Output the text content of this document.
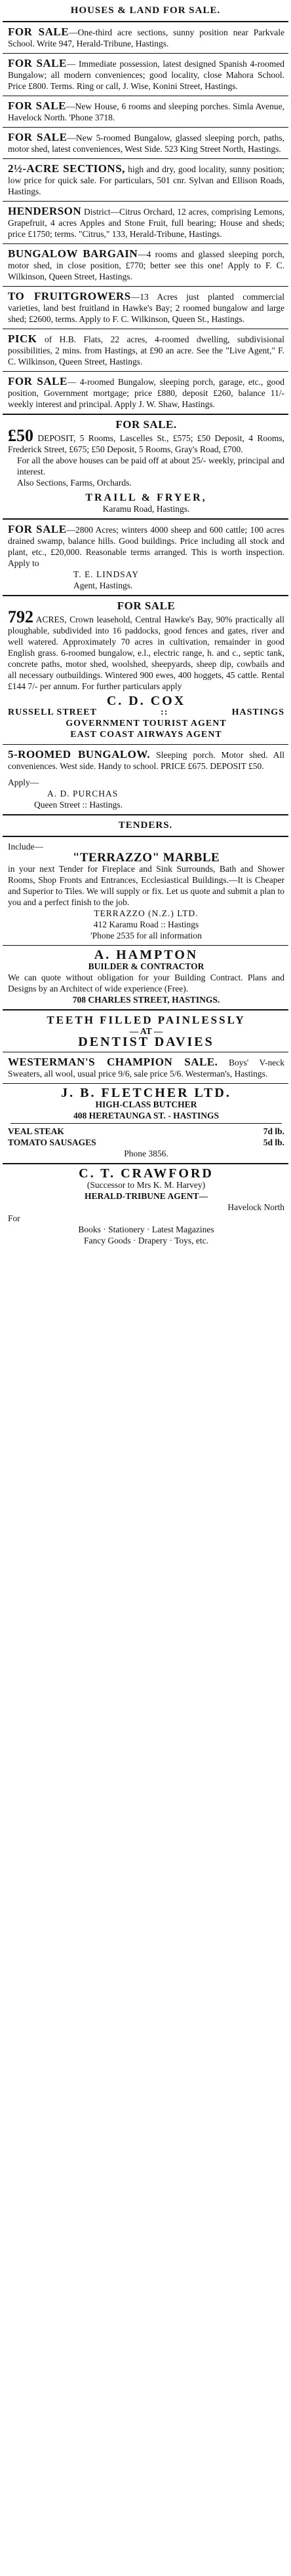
HOUSES & LAND FOR SALE.
FOR SALE—One-third acre sections, sunny position near Parkvale School. Write 947, Herald-Tribune, Hastings.
FOR SALE— Immediate possession, latest designed Spanish 4-roomed Bungalow; all modern conveniences; good locality, close Mahora School. Price £800. Terms. Ring or call, J. Wise, Konini Street, Hastings.
FOR SALE—New House, 6 rooms and sleeping porches. Simla Avenue, Havelock North. 'Phone 3718.
FOR SALE—New 5-roomed Bungalow, glassed sleeping porch, paths, motor shed, latest conveniences, West Side. 523 King Street North, Hastings.
2½-ACRE SECTIONS, high and dry, good locality, sunny position; low price for quick sale. For particulars, 501 cnr. Sylvan and Ellison Roads, Hastings.
HENDERSON District—Citrus Orchard, 12 acres, comprising Lemons, Grapefruit, 4 acres Apples and Stone Fruit, full bearing; House and sheds; price £1750; terms. "Citrus," 133, Herald-Tribune, Hastings.
BUNGALOW BARGAIN—4 rooms and glassed sleeping porch, motor shed, in close position, £770; better see this one! Apply to F. C. Wilkinson, Queen Street, Hastings.
TO FRUITGROWERS—13 Acres just planted commercial varieties, land best fruitland in Hawke's Bay; 2 roomed bungalow and large shed; £2600, terms. Apply to F. C. Wilkinson, Queen St., Hastings.
PICK of H.B. Flats, 22 acres, 4-roomed dwelling, subdivisional possibilities, 2 mins. from Hastings, at £90 an acre. See the "Live Agent," F. C. Wilkinson, Queen Street, Hastings.
FOR SALE— 4-roomed Bungalow, sleeping porch, garage, etc., good position, Government mortgage; price £880, deposit £260, balance 11/- weekly interest and principal. Apply J. W. Shaw, Hastings.
FOR SALE.
£50 DEPOSIT, 5 Rooms, Lascelles St., £575; £50 Deposit, 4 Rooms, Frederick Street, £675; £50 Deposit, 5 Rooms, Gray's Road, £700.
For all the above houses can be paid off at about 25/- weekly, principal and interest.
Also Sections, Farms, Orchards.
TRAILL & FRYER,
Karamu Road, Hastings.
FOR SALE—2800 Acres; winters 4000 sheep and 600 cattle; 100 acres drained swamp, balance hills. Good buildings. Price including all stock and plant, etc., £20,000. Reasonable terms arranged. This is worth inspection. Apply to
T. E. LINDSAY
Agent, Hastings.
FOR SALE
792 ACRES, Crown leasehold, Central Hawke's Bay, 90% practically all ploughable, subdivided into 16 paddocks, good fences and gates, river and well watered. Approximately 70 acres in cultivation, remainder in good English grass. 6-roomed bungalow, e.l., electric range, h. and c., septic tank, concrete paths, motor shed, woolshed, sheepyards, sheep dip, cowbails and all necessary outbuildings. Wintered 900 ewes, 400 hoggets, 45 cattle. Rental £144 7/- per annum. For further particulars apply
C. D. COX
RUSSELL STREET	::	HASTINGS
GOVERNMENT TOURIST AGENT
EAST COAST AIRWAYS AGENT
5-ROOMED BUNGALOW. Sleeping porch. Motor shed. All conveniences. West side. Handy to school. PRICE £675. DEPOSIT £50.
Apply—
A. D. PURCHAS
Queen Street :: Hastings.
TENDERS.
Include—
"TERRAZZO" MARBLE
in your next Tender for Fireplace and Sink Surrounds, Bath and Shower Rooms, Shop Fronts and Entrances, Ecclesiastical Buildings.—It is Cheaper and Superior to Tiles. We will supply or fix. Let us quote and submit a plan to you and a perfect finish to the job.
TERRAZZO (N.Z.) LTD.
412 Karamu Road :: Hastings
'Phone 2535 for all information
A. HAMPTON
BUILDER & CONTRACTOR
We can quote without obligation for your Building Contract. Plans and Designs by an Architect of wide experience (Free).
708 CHARLES STREET, HASTINGS.
TEETH FILLED PAINLESSLY
— AT —
DENTIST DAVIES
WESTERMAN'S CHAMPION SALE. Boys' V-neck Sweaters, all wool, usual price 9/6, sale price 5/6. Westerman's, Hastings.
J. B. FLETCHER LTD.
HIGH-CLASS BUTCHER
408 HERETAUNGA ST. - HASTINGS
VEAL STEAK	7d lb.
TOMATO SAUSAGES	5d lb.
Phone 3856.
C. T. CRAWFORD
(Successor to Mrs K. M. Harvey)
HERALD-TRIBUNE AGENT—
Havelock North
For
Books · Stationery · Latest Magazines
Fancy Goods · Drapery · Toys, etc.
